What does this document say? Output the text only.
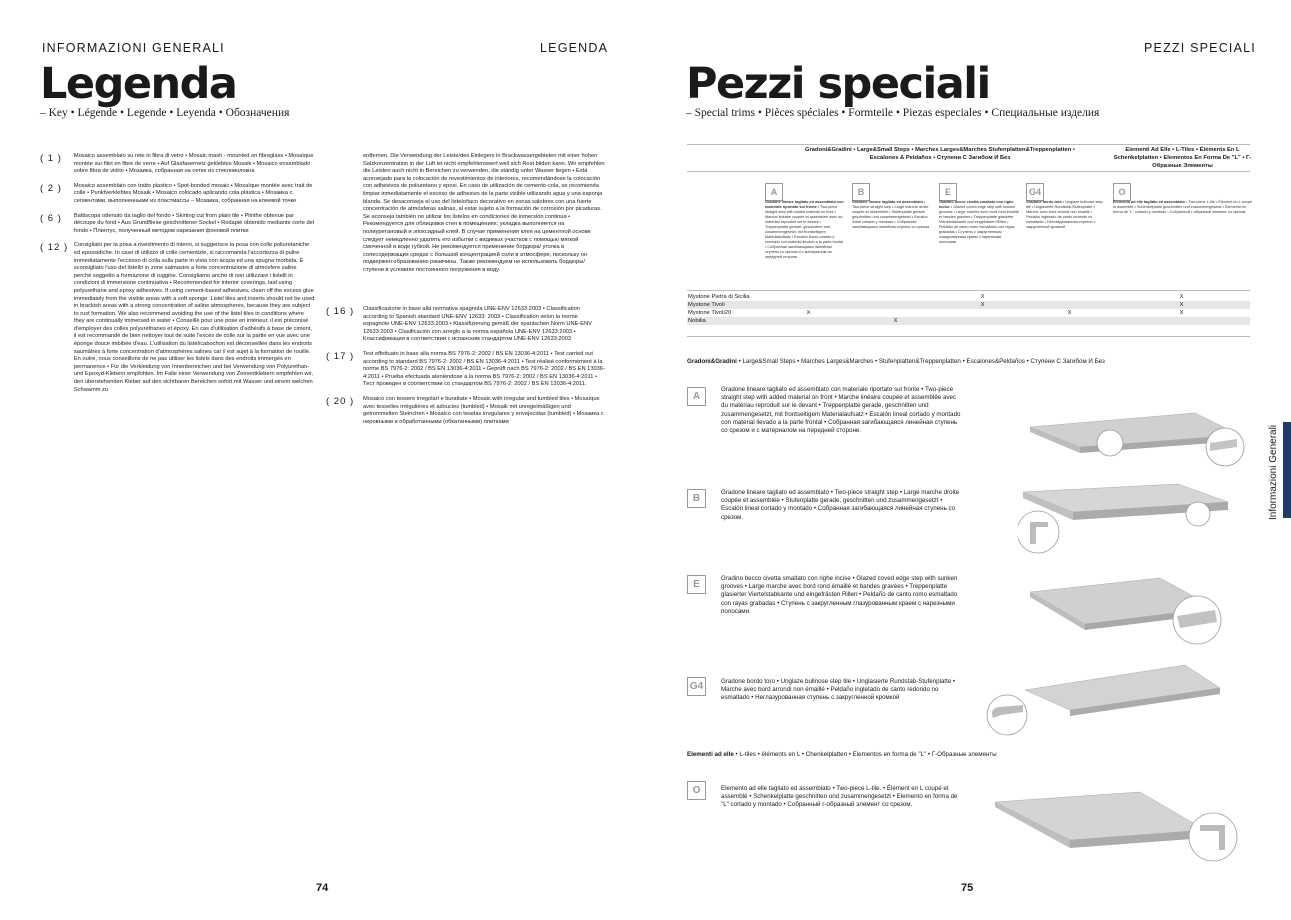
INFORMAZIONI GENERALI	LEGENDA
Legenda
– Key • Légende • Legende • Leyenda • Обозначения
( 1 )	Mosaico assemblato su rete in fibra di vetro • Mosaic mash - mounted on fibreglass • Mosaïque montée sur filet en fibre de verre • Auf Glasfasernetz geklebtes Mosaik • Mosaico ensamblado sobre fibra de vidrio • Мозаика, собранная на сетке из стекловолокна
( 2 )	Mosaico assemblato con tratto plastico • Spot-bonded mosaic • Mosaïque montée avec trait de colle • Punktverklebtes Mosaik • Mosaico colocado aplicando cola plástica • Мозаика с сегментами, выполненными из пластмассы – Мозаика, собранная на клеевой точке
( 6 )	Battiscopa ottenuto da taglio del fondo • Skirting cut from plain tile • Plinthe obtenue par découpe du fond • Aus Grundfliese geschnittener Sockel • Rodapié obtenido mediante corte del fondo • Плинтус, полученный методом нарезания фоновой плитки
( 12 ) Consigliato per la posa a rivestimento di interni, si suggerisce la posa con colle poliuretaniche ed epossidiche. In caso di utilizzo di colle cementizie, si raccomanda l'accortezza di pulire immediatamente l'eccesso di colla sulla parte in vista con acqua ed una spugna morbida. È sconsigliato l'uso del listello in zone salmastre a forte concentrazione di atmosfere saline perché soggetto a formazione di ruggine. Consigliamo anche di non utilizzare i listelli in condizioni di immersione continuativa • Recommended for interior coverings, laid using polyurethane and epoxy adhesives. If using cement-based adhesives, clean off the excess glue immediately from the visible areas with a soft sponge. Listel tiles and inserts should not be used in brackish areas with a strong concentration of saline atmospheres, because they are subject to rust formation. We also recommend avoiding the use of the listel tiles in conditions where they are continually immersed in water • Conseillé pour une pose en intérieur, il est préconisé d'employer des colles polyuréthanes et époxy. En cas d'utilisation d'adhésifs à base de ciment, il est recommandé de bien nettoyer tout de suite l'excès de colle sur la partie en vue avec une éponge douce imbibée d'eau. L'utilisation du listel/cabochon est déconseillée dans les endroits saumâtres à forte concentration d'atmosphères salines car il est sujet à la formation de rouille. En outre, nous conseillons de ne pas utiliser les listels dans des endroits immergés en permanence • Für die Verkleidung von Innenbereichen und bei Verwendung von Polyurethan- und Epoxyd-Klebern empfohlen. Im Falle einer Verwendung von Zementklebern empfehlen wir, den überstehenden Kleber auf den sichtbaren Bereichen sofort mit Wasser und einem weichen Schwamm zu
entfernen. Die Verwendung der Leiste/des Einlegers in Brackwassergebieten mit einer hohen Salzkonzentration in der Luft ist nicht empfehlenswert weil sich Rost bilden kann. Wir empfehlen die Leisten auch nicht in Bereichen zu verwenden, die ständig unter Wasser liegen • Está aconsejado para la colocación de revestimientos de interiores, recomendándose la colocación con adhesivos de poliuretano y epoxi. En caso de utilización de cemento-cola, se recomienda limpiar inmediatamente el exceso de adhesivo de la parte visible utilizando agua y una esponja blanda. Se desaconseja el uso del listelo/taco decorativo en zonas salobres con una fuerte concentración de atmósferas salinas, al estar sujeto a la formación de corrosión por picaduras. Se aconseja también no utilizar los listelos en condiciones de inmersión continua • Рекомендуется для облицовки стен в помещениях; укладка выполняется на полиуретановый и эпоксидный клей. В случае применения клея на цементной основе следует немедленно удалять его избытки с видимых участков с помощью мягкой смоченной в воде губкой. Не рекомендуется применение бордюра/ уголка в солесодержащих средах с большой концентрацией соли в атмосфере, поскольку он подвержен образованию ржавчины. Также рекомендуем не использовать бордюры/ ступени в условиях постоянного погружения в воду.
( 16 )	Classificazione in base alla normativa spagnola UNE-ENV 12633:2003 • Classification according to Spanish standard UNE-ENV 12633: 2003 • Classification selon la norme espagnole UNE-ENV 12633:2003 • Klassifizierung gemäß der spanischen Norm UNE-ENV 12633:2003 • Clasificación con arreglo a la norma española UNE-ENV 12633:2003 • Классификация в соответствии с испанским стандартом UNE-ENV 12633:2003
( 17 )	Test effettuato in base alla norma BS 7976-2: 2002 / BS EN 13036-4:2011 • Test carried out according to standard BS 7976-2: 2002 / BS EN 13036-4:2011 • Test réalisé conformément à la norme BS 7976-2: 2002 / BS EN 13036-4:2011 • Geprüft nach BS 7976-2: 2002 / BS EN 13036-4:2011 • Prueba efectuada ateniéndose a la norma BS 7976-2: 2002 / BS EN 13036-4:2011 • Тест проведен в соответствии со стандартом BS 7976-2: 2002 / BS EN 13036-4:2011.
( 20 )	Mosaico con tessere irregolari e burattate • Mosaic with irregular and tumbled tiles • Mosaïque avec tesselles irrégulières et adoucies (tumbled) • Mosaik mit unregelmäßigen und getrommelten Steinchen • Mosaico con teselas irregulares y envejecidas (tumbled) • Мозаика с неровными и обработанными (обкатанными) плитками
74
PEZZI SPECIALI
Pezzi speciali
– Special trims • Pièces spéciales • Formteile • Piezas especiales • Специальные изделия
Gradoni&Gradini • Large&Small Steps • Marches Larges&Marches Stufenplatten&Treppenplatten • Escalones & Peldaños • Ступени С Загибом И Без
Elementi Ad Elle • L-Tiles • Éléments En L Schenkelplatten • Elementos En Forma De "L" • Г-Образные Элементы
A	B	E	G4	O
Gradone lineare tagliato ed assemblato con materiale riportato sul fronte • Two-piece straight step with added material on front • Marche linéaire coupée et assemblée avec du matériau reproduit sur le devant • Treppenplatte gerade, geschnitten und zusammengesetzt, mit frontseitigem Materialaufsatz • Escalón lineal cortado y montado con material llevado a la parte frontal • Собранная загибающаяся линейная ступень со срезом и с материалом на передней стороне.
Gradone lineare tagliato ed assemblato • Two-piece straight step • Large marche droite coupée et assemblée • Stufenplatte gerade geschnitten und zusammengesetzt • Escalón lineal cortado y montado • Собранная загибающаяся линейная ступень со срезом
Gradino becco civetta smaltato con righe incise • Glazed coved edge step with sunken grooves • Large marche avec bord rond émaillé et bandes gravées • Treppenplatte glasierter Viertelstabkante und eingefrästen Rillen • Peldaño de canto romo esmaltado con rayas grabadas • Ступень с закругленным глазурованным краем с нарезными полосами
Gradone bordo toro • Unglaze bullnose step tile • Unglasierte Rundstab-Stufenplatte • Marche avec bord arrondi non émaillé • Peldaño ingletado de canto redondo no esmaltado • Неглазурованная ступень с закругленной кромкой
Elemento ad elle tagliato ed assemblato • Two-piece L-tile • Élément en L coupé et assemblé • Schenkelplatte geschnitten und zusammengesetzt • Elemento en forma de "L" cortado y montado • Собранный г-образный элемент со срезом.
Mystone Pietra di Sicilia			X		X
Mystone Tivoli			X		X
Mystone Tivoli20	X			X	X
Nobilia		X			
Gradoni&Gradini • Large&Small Steps • Marches Larges&Marches • Stufenplatten&Treppenplatten • Escalones&Peldaños • Ступени С Загибом И Без
A
Gradone lineare tagliato ed assemblato con materiale riportato sul fronte • Two-piece straight step with added material on front • Marche linéaire coupée et assemblée avec du matériau reproduit sur le devant • Treppenplatte gerade, geschnitten und zusammengesetzt, mit frontseitigem Materialaufsatz • Escalón lineal cortado y montado con material llevado a la parte frontal • Собранная загибающаяся линейная ступень со срезом и с материалом на передней стороне.
B
Gradone lineare tagliato ed assemblato • Two-piece straight step • Large marche droite coupée et assemblée • Stufenplatte gerade, geschnitten und zusammengesetzt • Escalón lineal cortado y montado • Собранная загибающаяся линейная ступень со срезом.
E
Gradino becco civetta smaltato con righe incise • Glazed coved edge step with sunken grooves • Large marche avec bord rond émaillé et bandes gravées • Treppenplatte glasierter Viertelstabkante und eingefrästen Rillen • Peldaño de canto romo esmaltado con rayas grabadas • Ступень с закругленным глазурованным краем с нарезными полосами.
G4	Gradone bordo toro • Unglaze bullnose step tile • Unglasierte Rundstab-Stufenplatte • Marche avec bord arrondi non émaillé • Peldaño ingletado de canto redondo no esmaltado • Неглазурованная ступень с закругленной кромкой
Elementi ad elle • L-tiles • éléments en L • Chenkelplatten • Elementos en forma de "L" • Г-Образные элементы
O	Elemento ad elle tagliato ed assemblato • Two-piece L-tile. • Élément en L coupé et assemblé • Schenkelplatte geschnitten und zusammengesetzt • Elemento en forma de "L" cortado y montado • Собранный г-образный элемент со срезом.
75
Informazioni Generali
